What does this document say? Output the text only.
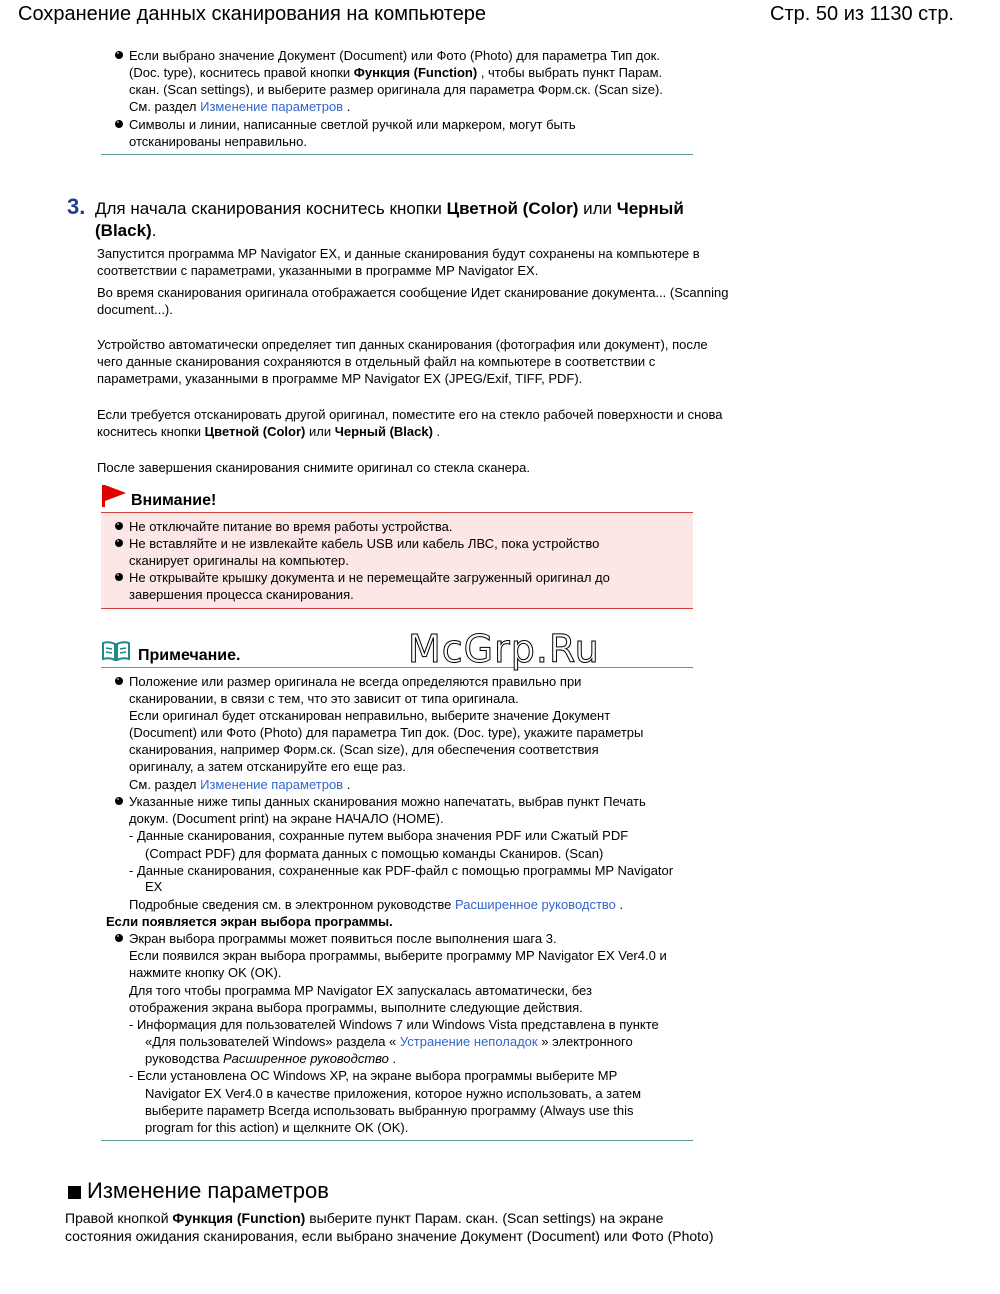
Сохранение данных сканирования на компьютере	Стр. 50 из 1130 стр.
Если выбрано значение Документ (Document) или Фото (Photo) для параметра Тип док.
(Doc. type), коснитесь правой кнопки Функция (Function) , чтобы выбрать пункт Парам.
скан. (Scan settings), и выберите размер оригинала для параметра Форм.ск. (Scan size).
См. раздел Изменение параметров .
Символы и линии, написанные светлой ручкой или маркером, могут быть
отсканированы неправильно.
3. Для начала сканирования коснитесь кнопки Цветной (Color) или Черный
(Black).
Запустится программа MP Navigator EX, и данные сканирования будут сохранены на компьютере в
соответствии с параметрами, указанными в программе MP Navigator EX.
Во время сканирования оригинала отображается сообщение Идет сканирование документа... (Scanning
document...).
Устройство автоматически определяет тип данных сканирования (фотография или документ), после
чего данные сканирования сохраняются в отдельный файл на компьютере в соответствии с
параметрами, указанными в программе MP Navigator EX (JPEG/Exif, TIFF, PDF).
Если требуется отсканировать другой оригинал, поместите его на стекло рабочей поверхности и снова
коснитесь кнопки Цветной (Color) или Черный (Black) .
После завершения сканирования снимите оригинал со стекла сканера.
Внимание!
Не отключайте питание во время работы устройства.
Не вставляйте и не извлекайте кабель USB или кабель ЛВС, пока устройство
сканирует оригиналы на компьютер.
Не открывайте крышку документа и не перемещайте загруженный оригинал до
завершения процесса сканирования.
Примечание.
Положение или размер оригинала не всегда определяются правильно при
сканировании, в связи с тем, что это зависит от типа оригинала.
Если оригинал будет отсканирован неправильно, выберите значение Документ
(Document) или Фото (Photo) для параметра Тип док. (Doc. type), укажите параметры
сканирования, например Форм.ск. (Scan size), для обеспечения соответствия
оригиналу, а затем отсканируйте его еще раз.
См. раздел Изменение параметров .
Указанные ниже типы данных сканирования можно напечатать, выбрав пункт Печать
докум. (Document print) на экране НАЧАЛО (HOME).
- Данные сканирования, сохранные путем выбора значения PDF или Сжатый PDF
(Compact PDF) для формата данных с помощью команды Сканиров. (Scan)
- Данные сканирования, сохраненные как PDF-файл с помощью программы MP Navigator
EX
Подробные сведения см. в электронном руководстве Расширенное руководство .
Если появляется экран выбора программы.
Экран выбора программы может появиться после выполнения шага 3.
Если появился экран выбора программы, выберите программу MP Navigator EX Ver4.0 и
нажмите кнопку OK (OK).
Для того чтобы программа MP Navigator EX запускалась автоматически, без
отображения экрана выбора программы, выполните следующие действия.
- Информация для пользователей Windows 7 или Windows Vista представлена в пункте
«Для пользователей Windows» раздела « Устранение неполадок » электронного
руководства Расширенное руководство .
- Если установлена ОС Windows XP, на экране выбора программы выберите MP
Navigator EX Ver4.0 в качестве приложения, которое нужно использовать, а затем
выберите параметр Всегда использовать выбранную программу (Always use this
program for this action) и щелкните OK (OK).
McGrp.Ru
Изменение параметров
Правой кнопкой Функция (Function) выберите пункт Парам. скан. (Scan settings) на экране
состояния ожидания сканирования, если выбрано значение Документ (Document) или Фото (Photo)
